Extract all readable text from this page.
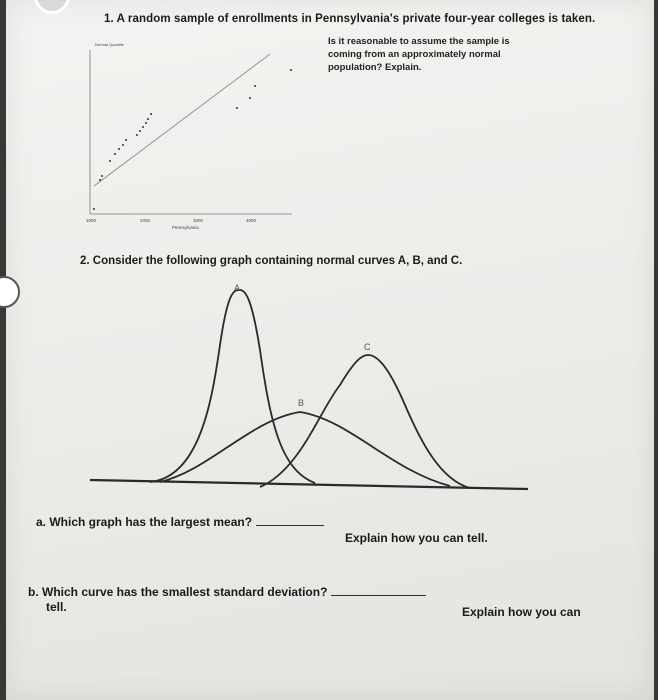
1. A random sample of enrollments in Pennsylvania's private four-year colleges is taken.
Is it reasonable to assume the sample is coming from an approximately normal population? Explain.
Normal Quantile
1000	2000	3000	4000
Pennsylvania
2. Consider the following graph containing normal curves A, B, and C.
A
B
C
a. Which graph has the largest mean?
Explain how you can tell.
b. Which curve has the smallest standard deviation?
tell.	Explain how you can
